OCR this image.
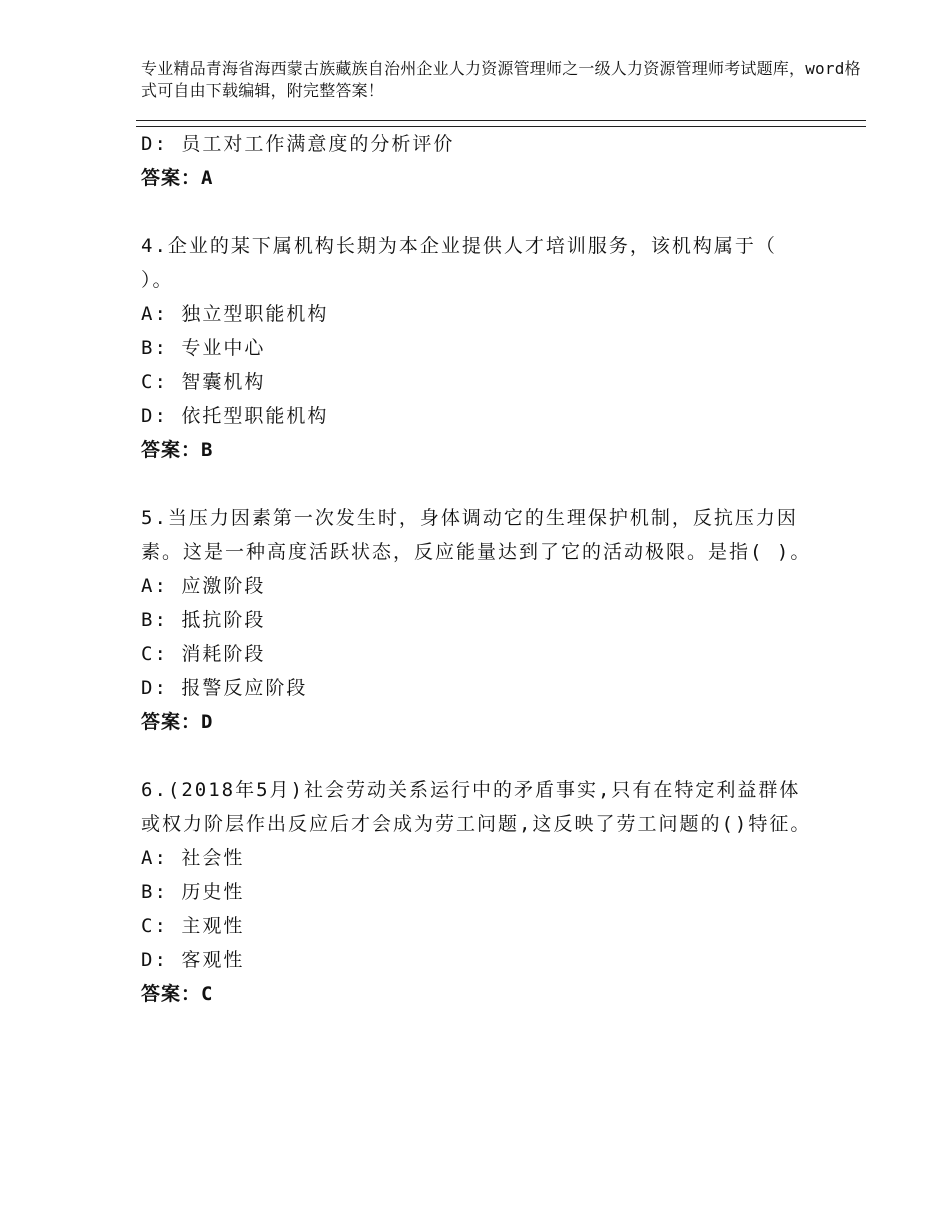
专业精品青海省海西蒙古族藏族自治州企业人力资源管理师之一级人力资源管理师考试题库，word格式可自由下载编辑，附完整答案！
D: 员工对工作满意度的分析评价
答案：A
4.企业的某下属机构长期为本企业提供人才培训服务，该机构属于（ ）。
A: 独立型职能机构
B: 专业中心
C: 智囊机构
D: 依托型职能机构
答案：B
5.当压力因素第一次发生时，身体调动它的生理保护机制，反抗压力因素。这是一种高度活跃状态，反应能量达到了它的活动极限。是指( )。
A: 应激阶段
B: 抵抗阶段
C: 消耗阶段
D: 报警反应阶段
答案：D
6.(2018年5月)社会劳动关系运行中的矛盾事实,只有在特定利益群体或权力阶层作出反应后才会成为劳工问题,这反映了劳工问题的()特征。
A: 社会性
B: 历史性
C: 主观性
D: 客观性
答案：C
